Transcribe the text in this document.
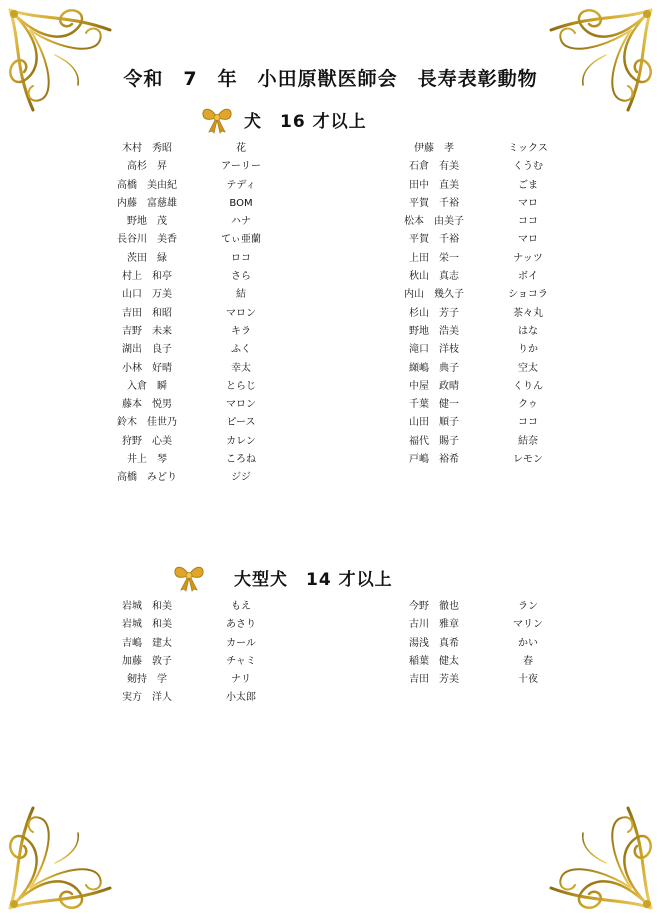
令和　7　年　小田原獣医師会　長寿表彰動物
犬　16 才以上
木村　秀昭	花
高杉　昇	アーリー
高橋　美由紀	テディ
内藤　富慈雄	BOM
野地　茂	ハナ
長谷川　美香	てぃ亜蘭
茨田　緑	ロコ
村上　和亭	さら
山口　万美	結
吉田　和昭	マロン
吉野　未来	キラ
湖出　良子	ふく
小林　好晴	幸太
入倉　瞬	とらじ
藤本　悦男	マロン
鈴木　佳世乃	ピース
狩野　心美	カレン
井上　琴	ころね
高橋　みどり	ジジ
伊藤　孝	ミックス
石倉　有美	くうむ
田中　直美	ごま
平賀　千裕	マロ
松本　由美子	ココ
平賀　千裕	マロ
上田　栄一	ナッツ
秋山　真志	ボイ
内山　幾久子	ショコラ
杉山　芳子	茶々丸
野地　浩美	はな
滝口　洋枝	りか
纐嶋　典子	空太
中屋　政晴	くりん
千葉　健一	クゥ
山田　順子	ココ
福代　賜子	結奈
戸嶋　裕希	レモン
大型犬　14 才以上
岩城　和美	もえ
岩城　和美	あさり
吉嶋　建太	カール
加藤　敦子	チャミ
剱持　学	ナリ
実方　洋人	小太郎
今野　徹也	ラン
古川　雅章	マリン
湯浅　真希	かい
稲葉　健太	春
吉田　芳美	十夜
